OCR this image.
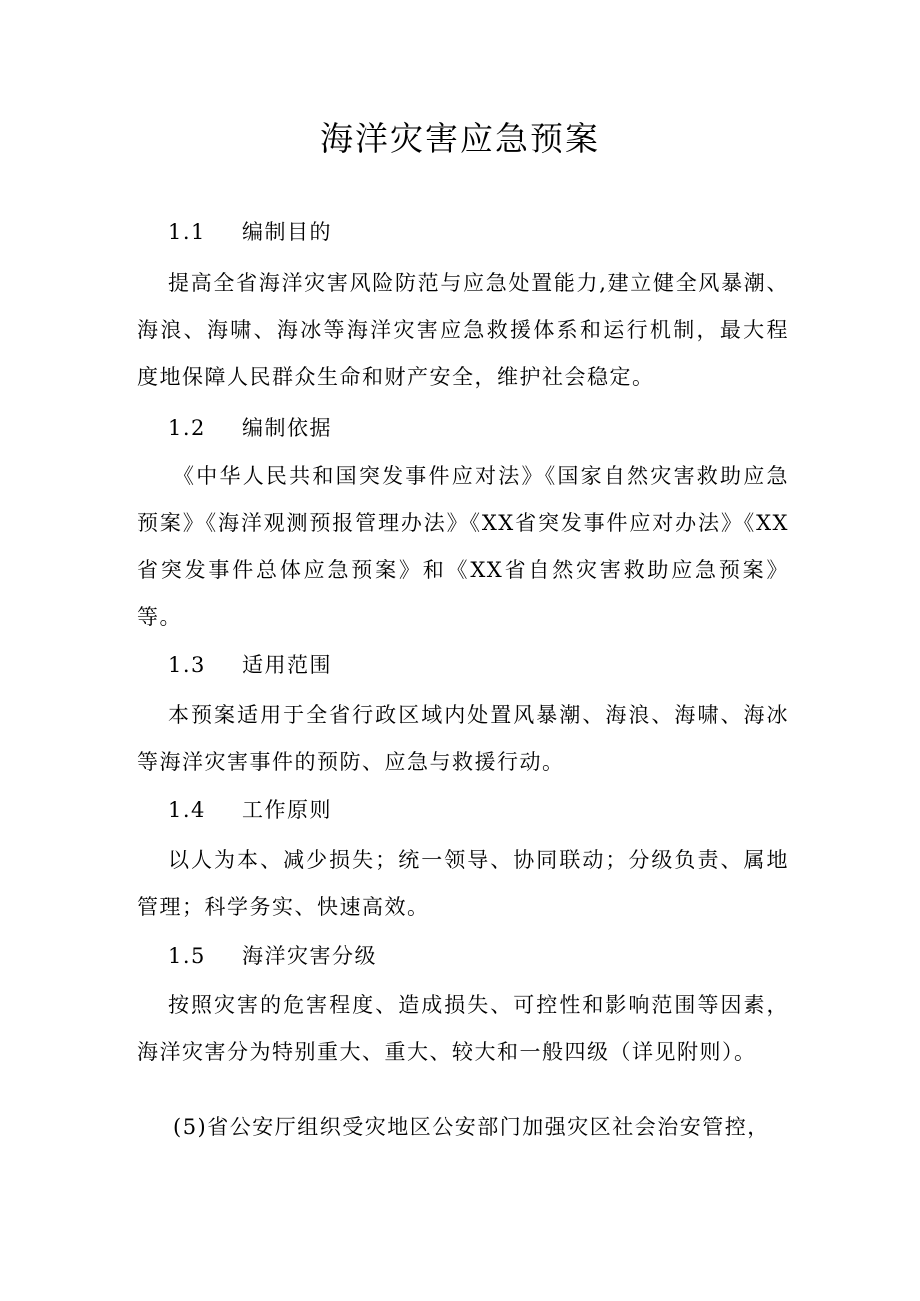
海洋灾害应急预案
1.1 编制目的
提高全省海洋灾害风险防范与应急处置能力,建立健全风暴潮、海浪、海啸、海冰等海洋灾害应急救援体系和运行机制，最大程度地保障人民群众生命和财产安全，维护社会稳定。
1.2 编制依据
《中华人民共和国突发事件应对法》《国家自然灾害救助应急预案》《海洋观测预报管理办法》《XX省突发事件应对办法》《XX省突发事件总体应急预案》和《XX省自然灾害救助应急预案》等。
1.3 适用范围
本预案适用于全省行政区域内处置风暴潮、海浪、海啸、海冰等海洋灾害事件的预防、应急与救援行动。
1.4 工作原则
以人为本、减少损失；统一领导、协同联动；分级负责、属地管理；科学务实、快速高效。
1.5 海洋灾害分级
按照灾害的危害程度、造成损失、可控性和影响范围等因素，海洋灾害分为特别重大、重大、较大和一般四级（详见附则）。
(5)省公安厅组织受灾地区公安部门加强灾区社会治安管控，
